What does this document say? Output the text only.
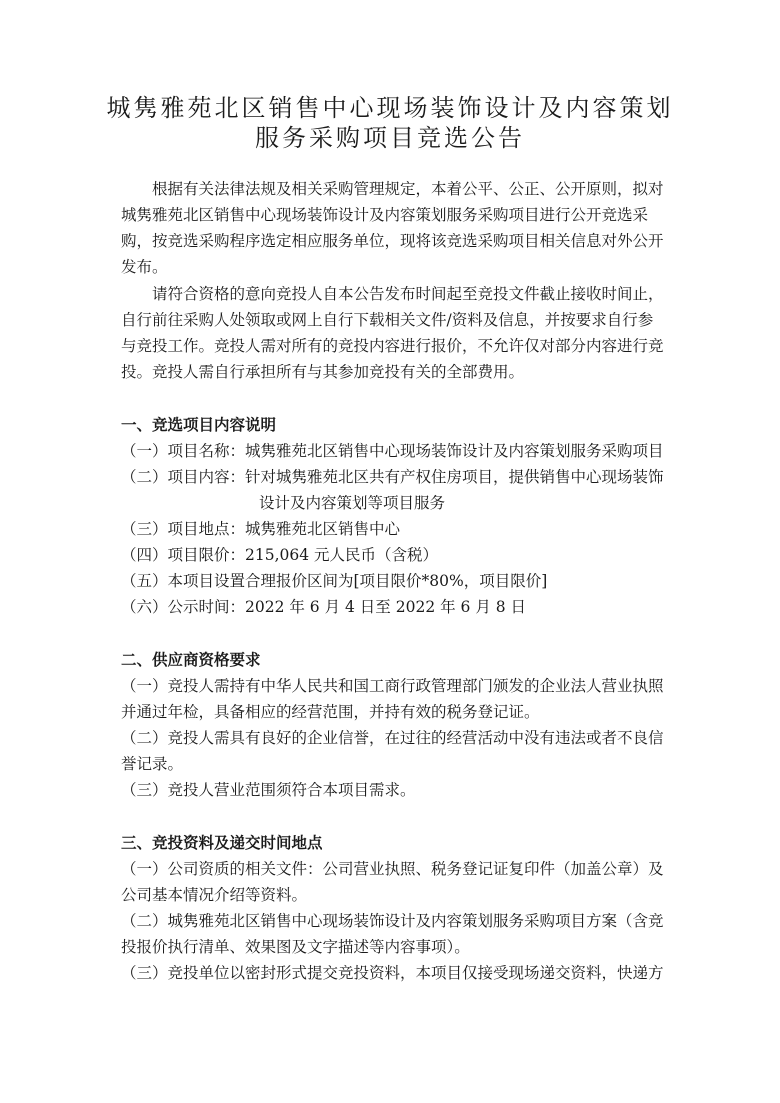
城隽雅苑北区销售中心现场装饰设计及内容策划
服务采购项目竞选公告
根据有关法律法规及相关采购管理规定，本着公平、公正、公开原则，拟对
城隽雅苑北区销售中心现场装饰设计及内容策划服务采购项目进行公开竞选采
购，按竞选采购程序选定相应服务单位，现将该竞选采购项目相关信息对外公开
发布。
请符合资格的意向竞投人自本公告发布时间起至竞投文件截止接收时间止，
自行前往采购人处领取或网上自行下载相关文件/资料及信息，并按要求自行参
与竞投工作。竞投人需对所有的竞投内容进行报价，不允许仅对部分内容进行竞
投。竞投人需自行承担所有与其参加竞投有关的全部费用。
一、竞选项目内容说明
（一）项目名称：城隽雅苑北区销售中心现场装饰设计及内容策划服务采购项目
（二）项目内容：针对城隽雅苑北区共有产权住房项目，提供销售中心现场装饰
设计及内容策划等项目服务
（三）项目地点：城隽雅苑北区销售中心
（四）项目限价：215,064 元人民币（含税）
（五）本项目设置合理报价区间为[项目限价*80%，项目限价]
（六）公示时间：2022 年 6 月 4 日至 2022 年 6 月 8 日
二、供应商资格要求
（一）竞投人需持有中华人民共和国工商行政管理部门颁发的企业法人营业执照
并通过年检，具备相应的经营范围，并持有效的税务登记证。
（二）竞投人需具有良好的企业信誉，在过往的经营活动中没有违法或者不良信
誉记录。
（三）竞投人营业范围须符合本项目需求。
三、竞投资料及递交时间地点
（一）公司资质的相关文件：公司营业执照、税务登记证复印件（加盖公章）及
公司基本情况介绍等资料。
（二）城隽雅苑北区销售中心现场装饰设计及内容策划服务采购项目方案（含竞
投报价执行清单、效果图及文字描述等内容事项）。
（三）竞投单位以密封形式提交竞投资料，本项目仅接受现场递交资料，快递方
